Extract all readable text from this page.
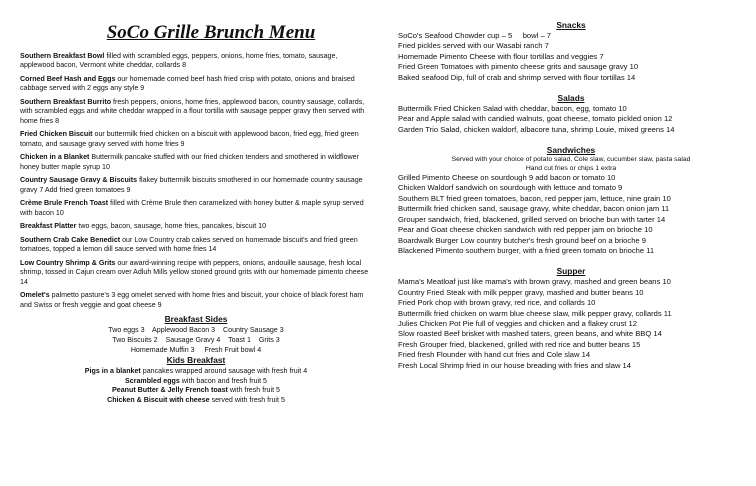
SoCo Grille Brunch Menu
Southern Breakfast Bowl filled with scrambled eggs, peppers, onions, home fries, tomato, sausage, applewood bacon, Vermont white cheddar, collards 8
Corned Beef Hash and Eggs our homemade corned beef hash fried crisp with potato, onions and braised cabbage served with 2 eggs any style 9
Southern Breakfast Burrito fresh peppers, onions, home fries, applewood bacon, country sausage, collards, with scrambled eggs and white cheddar wrapped in a flour tortilla with sausage pepper gravy then served with home fries 8
Fried Chicken Biscuit our buttermilk fried chicken on a biscuit with applewood bacon, fried egg, fried green tomato, and sausage gravy served with home fries 9
Chicken in a Blanket Buttermilk pancake stuffed with our fried chicken tenders and smothered in wildflower honey butter maple syrup 10
Country Sausage Gravy & Biscuits flakey buttermilk biscuits smothered in our homemade country sausage gravy 7 Add fried green tomatoes 9
Crème Brule French Toast filled with Crème Brule then caramelized with honey butter & maple syrup served with bacon 10
Breakfast Platter two eggs, bacon, sausage, home fries, pancakes, biscuit 10
Southern Crab Cake Benedict our Low Country crab cakes served on homemade biscuit's and fried green tomatoes, topped a lemon dill sauce served with home fries 14
Low Country Shrimp & Grits our award-winning recipe with peppers, onions, andouille sausage, fresh local shrimp, tossed in Cajun cream over Adluh Mills yellow stoned ground grits with our homemade pimento cheese 14
Omelet's palmetto pasture's 3 egg omelet served with home fries and biscuit, your choice of black forest ham and Swiss or fresh veggie and goat cheese 9
Breakfast Sides
Two eggs 3    Applewood Bacon 3    Country Sausage 3
Two Biscuits 2    Sausage Gravy 4    Toast 1    Grits 3
Homemade Muffin 3     Fresh Fruit bowl 4
Kids Breakfast
Pigs in a blanket pancakes wrapped around sausage with fresh fruit 4
Scrambled eggs with bacon and fresh fruit 5
Peanut Butter & Jelly French toast with fresh fruit 5
Chicken & Biscuit with cheese served with fresh fruit 5
Snacks
SoCo's Seafood Chowder cup – 5     bowl – 7
Fried pickles served with our Wasabi ranch 7
Homemade Pimento Cheese with flour tortillas and veggies 7
Fried Green Tomatoes with pimento cheese grits and sausage gravy 10
Baked seafood Dip, full of crab and shrimp served with flour tortillas 14
Salads
Buttermilk Fried Chicken Salad with cheddar, bacon, egg, tomato 10
Pear and Apple salad with candied walnuts, goat cheese, tomato pickled onion 12
Garden Trio Salad, chicken waldorf, albacore tuna, shrimp Louie, mixed greens 14
Sandwiches
Served with your choice of potato salad, Cole slaw, cucumber slaw, pasta salad
Hand cut fries or chips 1 extra
Grilled Pimento Cheese on sourdough 9 add bacon or tomato 10
Chicken Waldorf sandwich on sourdough with lettuce and tomato 9
Southern BLT fried green tomatoes, bacon, red pepper jam, lettuce, nine grain 10
Buttermilk fried chicken sand, sausage gravy, white cheddar, bacon onion jam 11
Grouper sandwich, fried, blackened, grilled served on brioche bun with tarter 14
Pear and Goat cheese chicken sandwich with red pepper jam on brioche 10
Boardwalk Burger Low country butcher's fresh ground beef on a brioche 9
Blackened Pimento southern burger, with a fried green tomato on brioche 11
Supper
Mama's Meatloaf just like mama's with brown gravy, mashed and green beans 10
Country Fried Steak with milk pepper gravy, mashed and butter beans 10
Fried Pork chop with brown gravy, red rice, and collards 10
Buttermilk fried chicken on warm blue cheese slaw, milk pepper gravy, collards 11
Julies Chicken Pot Pie full of veggies and chicken and a flakey crust 12
Slow roasted Beef brisket with mashed taters, green beans, and white BBQ 14
Fresh Grouper fried, blackened, grilled with red rice and butter beans 15
Fried fresh Flounder with hand cut fries and Cole slaw 14
Fresh Local Shrimp fried in our house breading with fries and slaw 14
